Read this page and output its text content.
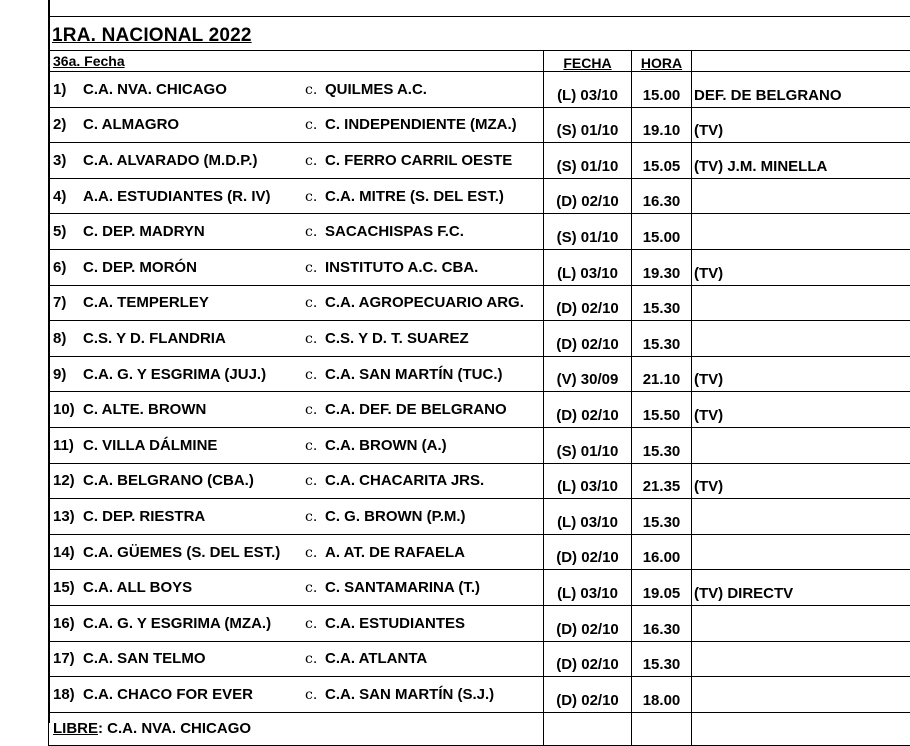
1RA. NACIONAL 2022
36a. Fecha	FECHA	HORA	
1) C.A. NVA. CHICAGO c. QUILMES A.C.	(L) 03/10	15.00	DEF. DE BELGRANO
2) C. ALMAGRO c. C. INDEPENDIENTE (MZA.)	(S) 01/10	19.10	(TV)
3) C.A. ALVARADO (M.D.P.) c. C. FERRO CARRIL OESTE	(S) 01/10	15.05	(TV) J.M. MINELLA
4) A.A. ESTUDIANTES (R. IV) c. C.A. MITRE (S. DEL EST.)	(D) 02/10	16.30	
5) C. DEP. MADRYN c. SACACHISPAS F.C.	(S) 01/10	15.00	
6) C. DEP. MORÓN c. INSTITUTO A.C. CBA.	(L) 03/10	19.30	(TV)
7) C.A. TEMPERLEY c. C.A. AGROPECUARIO ARG.	(D) 02/10	15.30	
8) C.S. Y D. FLANDRIA c. C.S. Y D. T. SUAREZ	(D) 02/10	15.30	
9) C.A. G. Y ESGRIMA (JUJ.) c. C.A. SAN MARTÍN (TUC.)	(V) 30/09	21.10	(TV)
10) C. ALTE. BROWN c. C.A. DEF. DE BELGRANO	(D) 02/10	15.50	(TV)
11) C. VILLA DÁLMINE c. C.A. BROWN (A.)	(S) 01/10	15.30	
12) C.A. BELGRANO (CBA.) c. C.A. CHACARITA JRS.	(L) 03/10	21.35	(TV)
13) C. DEP. RIESTRA c. C. G. BROWN (P.M.)	(L) 03/10	15.30	
14) C.A. GÜEMES (S. DEL EST.) c. A. AT. DE RAFAELA	(D) 02/10	16.00	
15) C.A. ALL BOYS c. C. SANTAMARINA (T.)	(L) 03/10	19.05	(TV) DIRECTV
16) C.A. G. Y ESGRIMA (MZA.) c. C.A. ESTUDIANTES	(D) 02/10	16.30	
17) C.A. SAN TELMO c. C.A. ATLANTA	(D) 02/10	15.30	
18) C.A. CHACO FOR EVER c. C.A. SAN MARTÍN (S.J.)	(D) 02/10	18.00	
LIBRE: C.A. NVA. CHICAGO			
